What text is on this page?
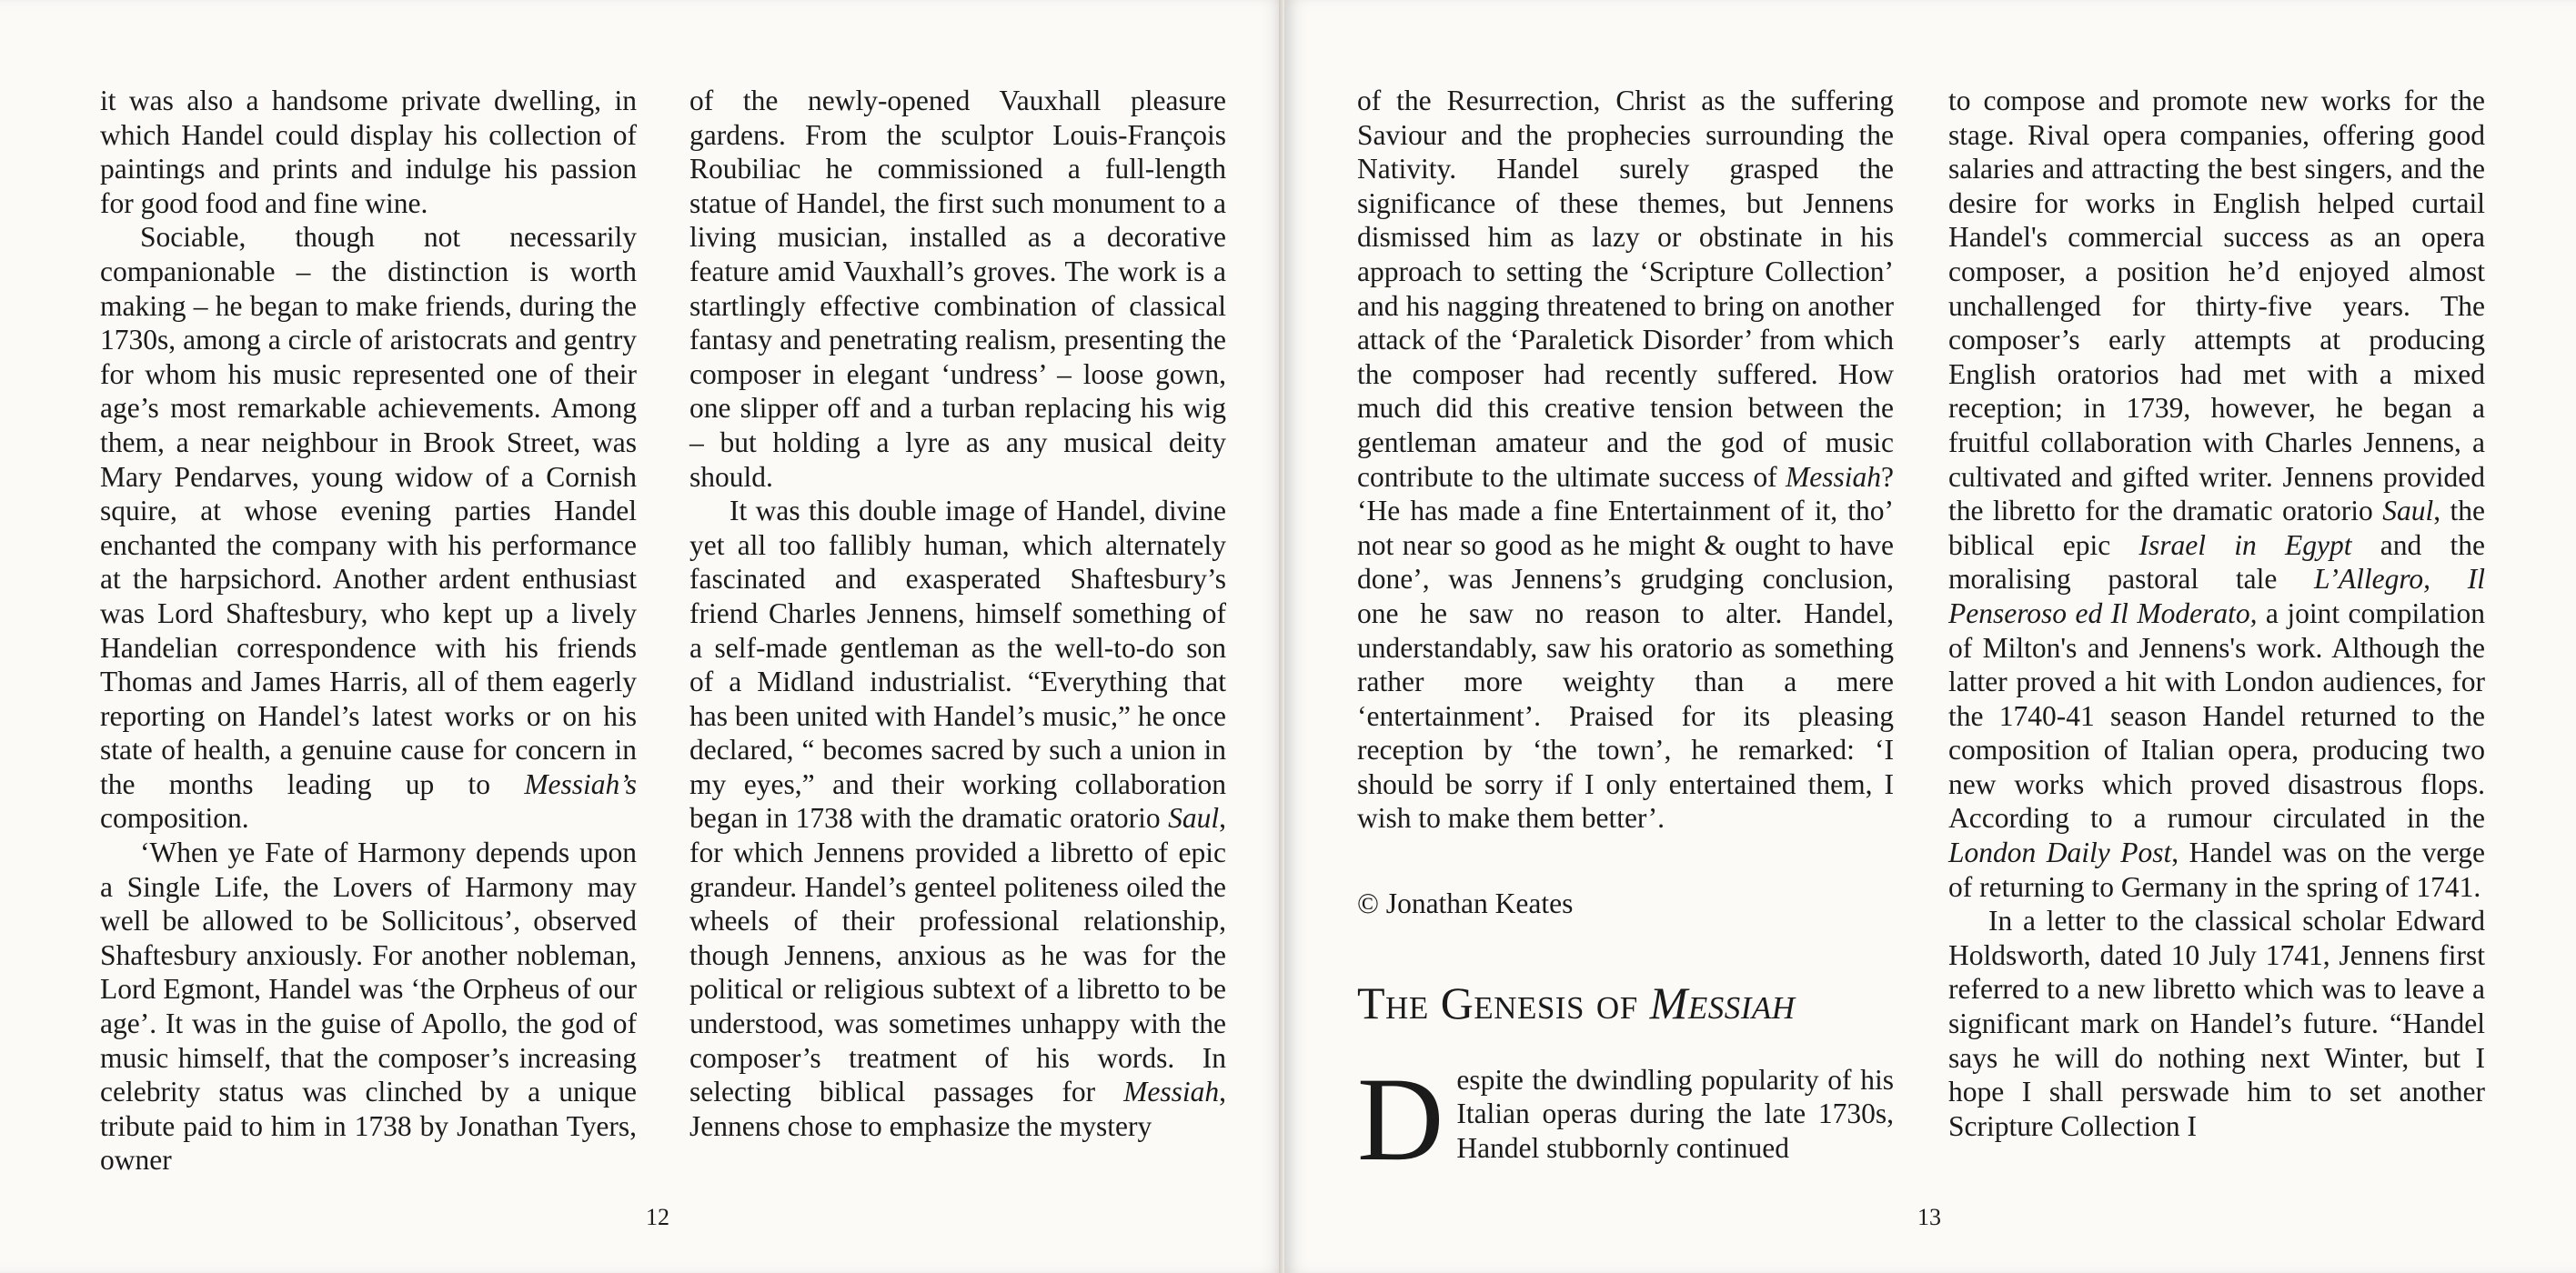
it was also a handsome private dwelling, in which Handel could display his collection of paintings and prints and indulge his passion for good food and fine wine.

Sociable, though not necessarily companionable – the distinction is worth making – he began to make friends, during the 1730s, among a circle of aristocrats and gentry for whom his music represented one of their age’s most remarkable achievements. Among them, a near neighbour in Brook Street, was Mary Pendarves, young widow of a Cornish squire, at whose evening parties Handel enchanted the company with his performance at the harpsichord. Another ardent enthusiast was Lord Shaftesbury, who kept up a lively Handelian correspondence with his friends Thomas and James Harris, all of them eagerly reporting on Handel’s latest works or on his state of health, a genuine cause for concern in the months leading up to Messiah’s composition.

‘When ye Fate of Harmony depends upon a Single Life, the Lovers of Harmony may well be allowed to be Sollicitous’, observed Shaftesbury anxiously. For another nobleman, Lord Egmont, Handel was ‘the Orpheus of our age’. It was in the guise of Apollo, the god of music himself, that the composer’s increasing celebrity status was clinched by a unique tribute paid to him in 1738 by Jonathan Tyers, owner

of the newly-opened Vauxhall pleasure gardens. From the sculptor Louis-François Roubiliac he commissioned a full-length statue of Handel, the first such monument to a living musician, installed as a decorative feature amid Vauxhall’s groves. The work is a startlingly effective combination of classical fantasy and penetrating realism, presenting the composer in elegant ‘undress’ – loose gown, one slipper off and a turban replacing his wig – but holding a lyre as any musical deity should.

It was this double image of Handel, divine yet all too fallibly human, which alternately fascinated and exasperated Shaftesbury’s friend Charles Jennens, himself something of a self-made gentleman as the well-to-do son of a Midland industrialist. “Everything that has been united with Handel’s music,” he once declared, “ becomes sacred by such a union in my eyes,” and their working collaboration began in 1738 with the dramatic oratorio Saul, for which Jennens provided a libretto of epic grandeur. Handel’s genteel politeness oiled the wheels of their professional relationship, though Jennens, anxious as he was for the political or religious subtext of a libretto to be understood, was sometimes unhappy with the composer’s treatment of his words. In selecting biblical passages for Messiah, Jennens chose to emphasize the mystery

12

of the Resurrection, Christ as the suffering Saviour and the prophecies surrounding the Nativity. Handel surely grasped the significance of these themes, but Jennens dismissed him as lazy or obstinate in his approach to setting the ‘Scripture Collection’ and his nagging threatened to bring on another attack of the ‘Paraletick Disorder’ from which the composer had recently suffered. How much did this creative tension between the gentleman amateur and the god of music contribute to the ultimate success of Messiah? ‘He has made a fine Entertainment of it, tho’ not near so good as he might & ought to have done’, was Jennens’s grudging conclusion, one he saw no reason to alter. Handel, understandably, saw his oratorio as something rather more weighty than a mere ‘entertainment’. Praised for its pleasing reception by ‘the town’, he remarked: ‘I should be sorry if I only entertained them, I wish to make them better’.

© Jonathan Keates

The Genesis of Messiah
D espite the dwindling popularity of his Italian operas during the late 1730s, Handel stubbornly continued

to compose and promote new works for the stage. Rival opera companies, offering good salaries and attracting the best singers, and the desire for works in English helped curtail Handel's commercial success as an opera composer, a position he’d enjoyed almost unchallenged for thirty-five years. The composer’s early attempts at producing English oratorios had met with a mixed reception; in 1739, however, he began a fruitful collaboration with Charles Jennens, a cultivated and gifted writer. Jennens provided the libretto for the dramatic oratorio Saul, the biblical epic Israel in Egypt and the moralising pastoral tale L’Allegro, Il Penseroso ed Il Moderato, a joint compilation of Milton's and Jennens's work. Although the latter proved a hit with London audiences, for the 1740-41 season Handel returned to the composition of Italian opera, producing two new works which proved disastrous flops. According to a rumour circulated in the London Daily Post, Handel was on the verge of returning to Germany in the spring of 1741.

In a letter to the classical scholar Edward Holdsworth, dated 10 July 1741, Jennens first referred to a new libretto which was to leave a significant mark on Handel’s future. “Handel says he will do nothing next Winter, but I hope I shall perswade him to set another Scripture Collection I

13
